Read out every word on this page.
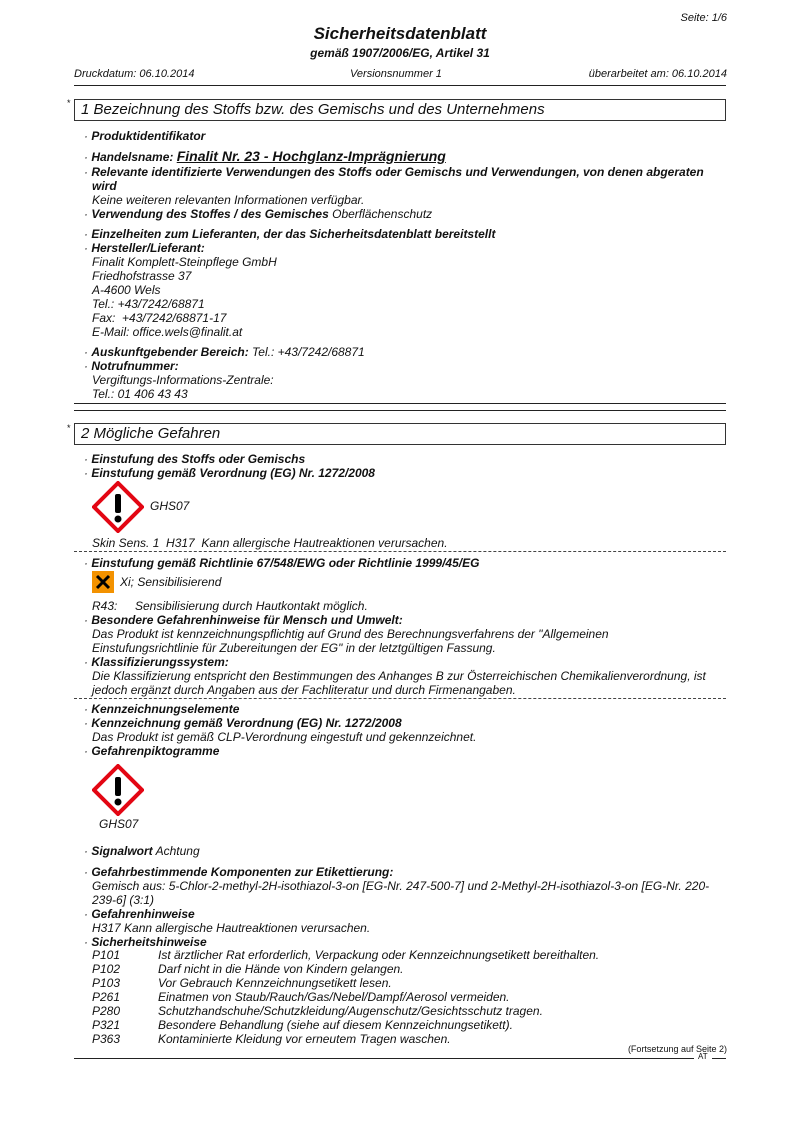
Seite: 1/6
Sicherheitsdatenblatt
gemäß 1907/2006/EG, Artikel 31
Druckdatum: 06.10.2014	Versionsnummer 1	überarbeitet am: 06.10.2014
* 1 Bezeichnung des Stoffs bzw. des Gemischs und des Unternehmens
· Produktidentifikator
· Handelsname: Finalit Nr. 23 - Hochglanz-Imprägnierung
· Relevante identifizierte Verwendungen des Stoffs oder Gemischs und Verwendungen, von denen abgeraten
wird
Keine weiteren relevanten Informationen verfügbar.
· Verwendung des Stoffes / des Gemisches Oberflächenschutz
· Einzelheiten zum Lieferanten, der das Sicherheitsdatenblatt bereitstellt
· Hersteller/Lieferant:
Finalit Komplett-Steinpflege GmbH
Friedhofstrasse 37
A-4600 Wels
Tel.: +43/7242/68871
Fax:  +43/7242/68871-17
E-Mail: office.wels@finalit.at
· Auskunftgebender Bereich: Tel.: +43/7242/68871
· Notrufnummer:
Vergiftungs-Informations-Zentrale:
Tel.: 01 406 43 43
* 2 Mögliche Gefahren
· Einstufung des Stoffs oder Gemischs
· Einstufung gemäß Verordnung (EG) Nr. 1272/2008
GHS07
Skin Sens. 1  H317  Kann allergische Hautreaktionen verursachen.
· Einstufung gemäß Richtlinie 67/548/EWG oder Richtlinie 1999/45/EG
Xi; Sensibilisierend
R43: Sensibilisierung durch Hautkontakt möglich.
· Besondere Gefahrenhinweise für Mensch und Umwelt:
Das Produkt ist kennzeichnungspflichtig auf Grund des Berechnungsverfahrens der "Allgemeinen
Einstufungsrichtlinie für Zubereitungen der EG" in der letztgültigen Fassung.
· Klassifizierungssystem:
Die Klassifizierung entspricht den Bestimmungen des Anhanges B zur Österreichischen Chemikalienverordnung, ist
jedoch ergänzt durch Angaben aus der Fachliteratur und durch Firmenangaben.
· Kennzeichnungselemente
· Kennzeichnung gemäß Verordnung (EG) Nr. 1272/2008
Das Produkt ist gemäß CLP-Verordnung eingestuft und gekennzeichnet.
· Gefahrenpiktogramme
GHS07
· Signalwort Achtung
· Gefahrbestimmende Komponenten zur Etikettierung:
Gemisch aus: 5-Chlor-2-methyl-2H-isothiazol-3-on [EG-Nr. 247-500-7] und 2-Methyl-2H-isothiazol-3-on [EG-Nr. 220-
239-6] (3:1)
· Gefahrenhinweise
H317 Kann allergische Hautreaktionen verursachen.
· Sicherheitshinweise
P101	Ist ärztlicher Rat erforderlich, Verpackung oder Kennzeichnungsetikett bereithalten.
P102	Darf nicht in die Hände von Kindern gelangen.
P103	Vor Gebrauch Kennzeichnungsetikett lesen.
P261	Einatmen von Staub/Rauch/Gas/Nebel/Dampf/Aerosol vermeiden.
P280	Schutzhandschuhe/Schutzkleidung/Augenschutz/Gesichtsschutz tragen.
P321	Besondere Behandlung (siehe auf diesem Kennzeichnungsetikett).
P363	Kontaminierte Kleidung vor erneutem Tragen waschen.
(Fortsetzung auf Seite 2)
AT
